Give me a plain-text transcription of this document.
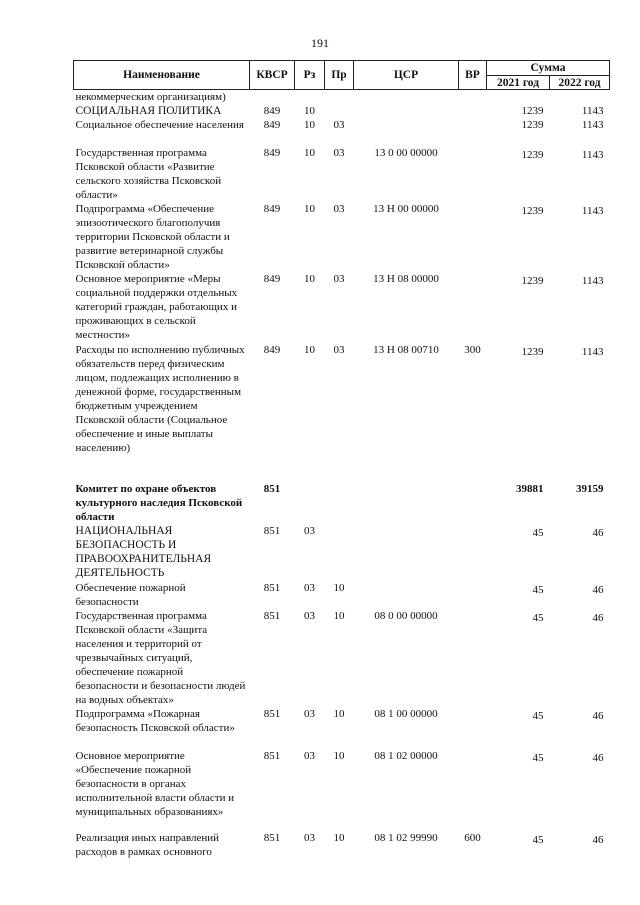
191
Наименование	КВСР	Рз	Пр	ЦСР	ВР	Сумма	
						2021 год	2022 год
некоммерческим организациям)							
СОЦИАЛЬНАЯ ПОЛИТИКА	849	10				1239	1143
Социальное обеспечение населения	849	10	03			1239	1143
Государственная программа Псковской области «Развитие сельского хозяйства Псковской области»	849	10	03	13 0 00 00000		1239	1143
Подпрограмма «Обеспечение эпизоотического благополучия территории Псковской области и развитие ветеринарной службы Псковской области»	849	10	03	13 Н 00 00000		1239	1143
Основное мероприятие «Меры социальной поддержки отдельных категорий граждан, работающих и проживающих в сельской местности»	849	10	03	13 Н 08 00000		1239	1143
Расходы по исполнению публичных обязательств перед физическим лицом, подлежащих исполнению в денежной форме, государственным бюджетным учреждением Псковской области (Социальное обеспечение и иные выплаты населению)	849	10	03	13 Н 08 00710	300	1239	1143
Комитет по охране объектов культурного наследия Псковской области	851					39881	39159
НАЦИОНАЛЬНАЯ БЕЗОПАСНОСТЬ И ПРАВООХРАНИТЕЛЬНАЯ ДЕЯТЕЛЬНОСТЬ	851	03				45	46
Обеспечение пожарной безопасности	851	03	10			45	46
Государственная программа Псковской области «Защита населения и территорий от чрезвычайных ситуаций, обеспечение пожарной безопасности и безопасности людей на водных объектах»	851	03	10	08 0 00 00000		45	46
Подпрограмма «Пожарная безопасность Псковской области»	851	03	10	08 1 00 00000		45	46
Основное мероприятие «Обеспечение пожарной безопасности в органах исполнительной власти области и муниципальных образованиях»	851	03	10	08 1 02 00000		45	46
Реализация иных направлений расходов в рамках основного	851	03	10	08 1 02 99990	600	45	46
